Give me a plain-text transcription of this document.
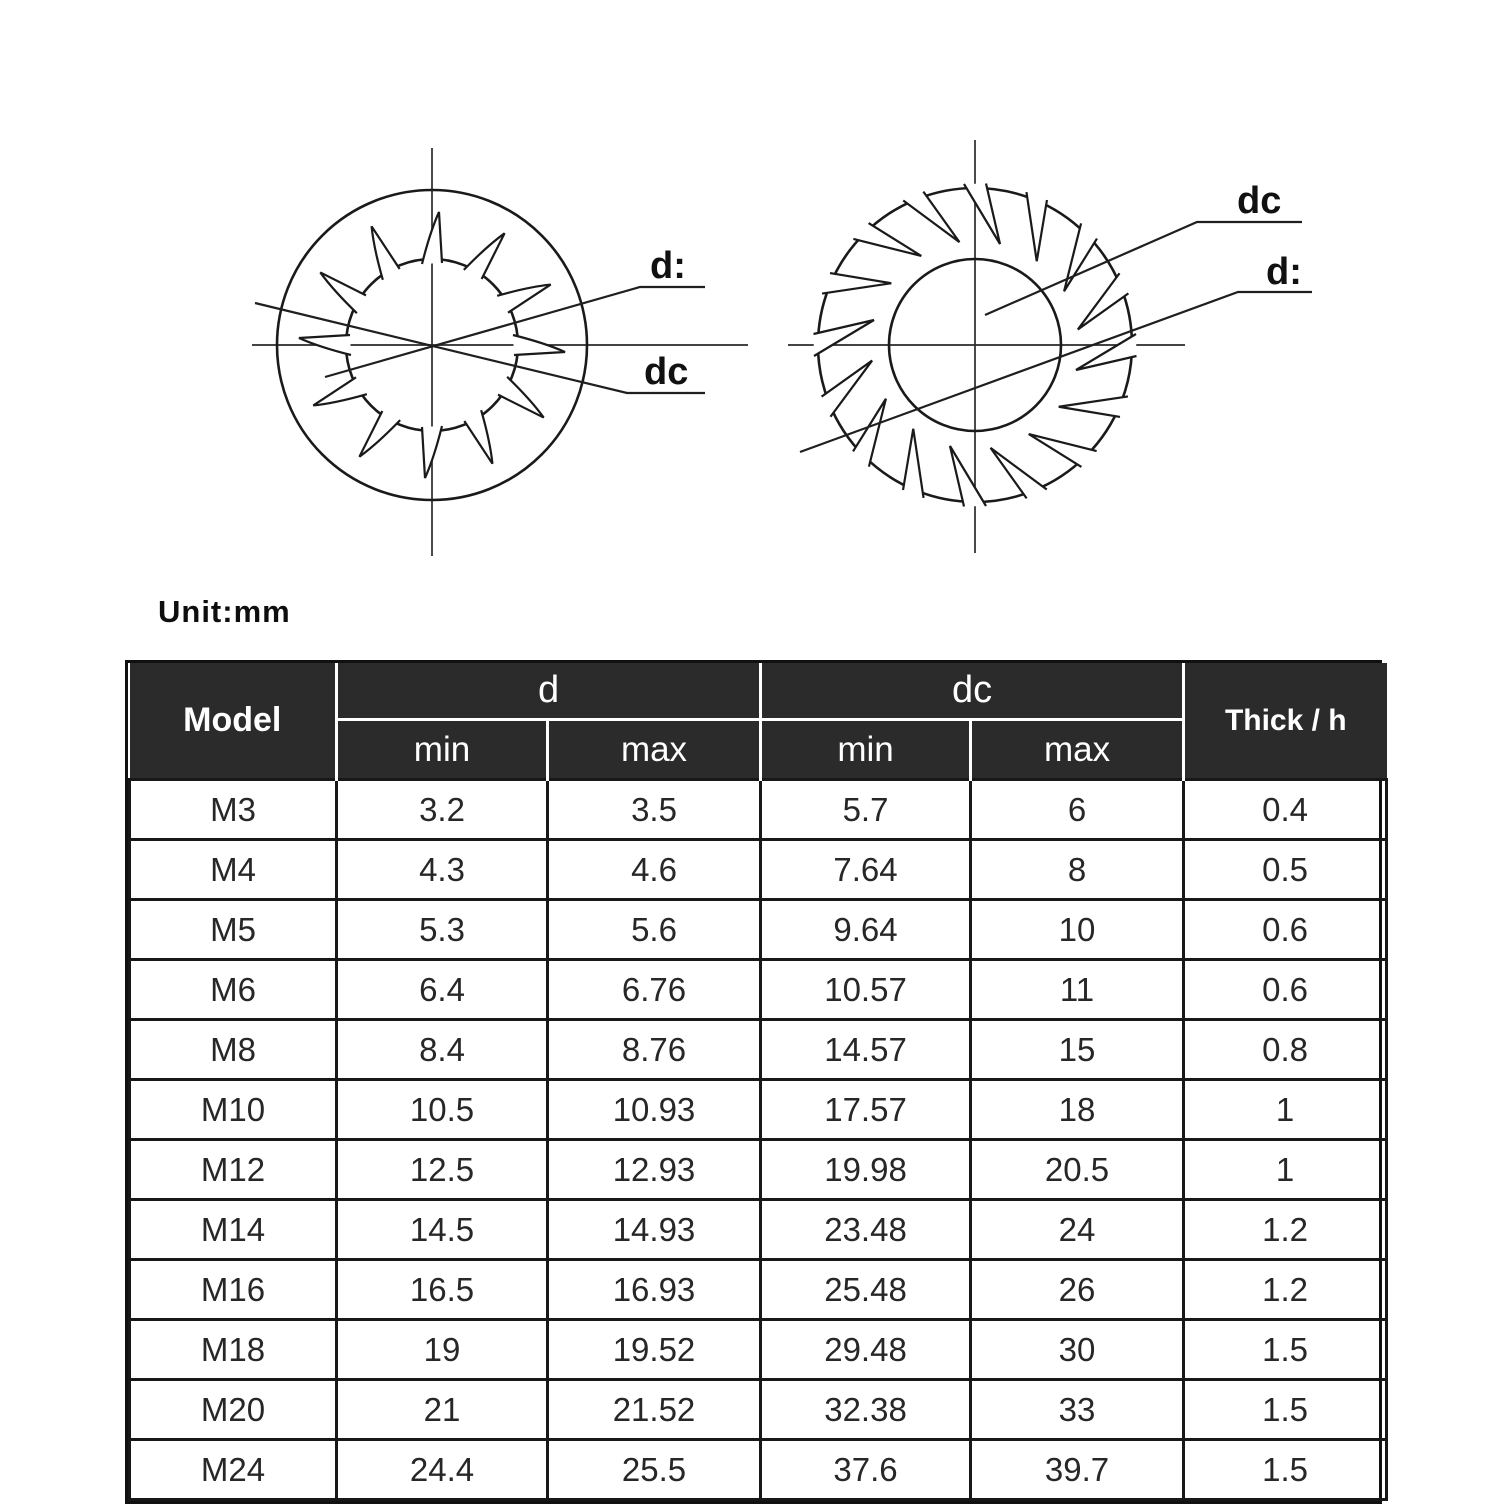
d:
dc
dc
d:
Unit:mm
Model	d		dc		Thick / h
	min	max	min	max	
M3	3.2	3.5	5.7	6	0.4
M4	4.3	4.6	7.64	8	0.5
M5	5.3	5.6	9.64	10	0.6
M6	6.4	6.76	10.57	11	0.6
M8	8.4	8.76	14.57	15	0.8
M10	10.5	10.93	17.57	18	1
M12	12.5	12.93	19.98	20.5	1
M14	14.5	14.93	23.48	24	1.2
M16	16.5	16.93	25.48	26	1.2
M18	19	19.52	29.48	30	1.5
M20	21	21.52	32.38	33	1.5
M24	24.4	25.5	37.6	39.7	1.5
